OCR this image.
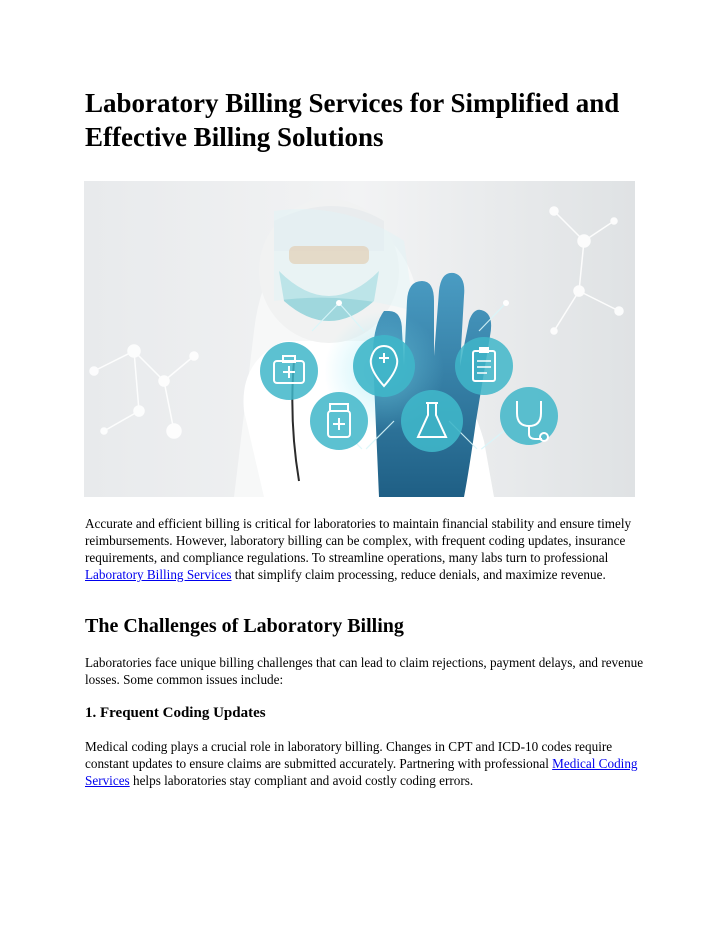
Laboratory Billing Services for Simplified and Effective Billing Solutions

Accurate and efficient billing is critical for laboratories to maintain financial stability and ensure timely reimbursements. However, laboratory billing can be complex, with frequent coding updates, insurance requirements, and compliance regulations. To streamline operations, many labs turn to professional Laboratory Billing Services that simplify claim processing, reduce denials, and maximize revenue.

The Challenges of Laboratory Billing

Laboratories face unique billing challenges that can lead to claim rejections, payment delays, and revenue losses. Some common issues include:

1. Frequent Coding Updates

Medical coding plays a crucial role in laboratory billing. Changes in CPT and ICD-10 codes require constant updates to ensure claims are submitted accurately. Partnering with professional Medical Coding Services helps laboratories stay compliant and avoid costly coding errors.
